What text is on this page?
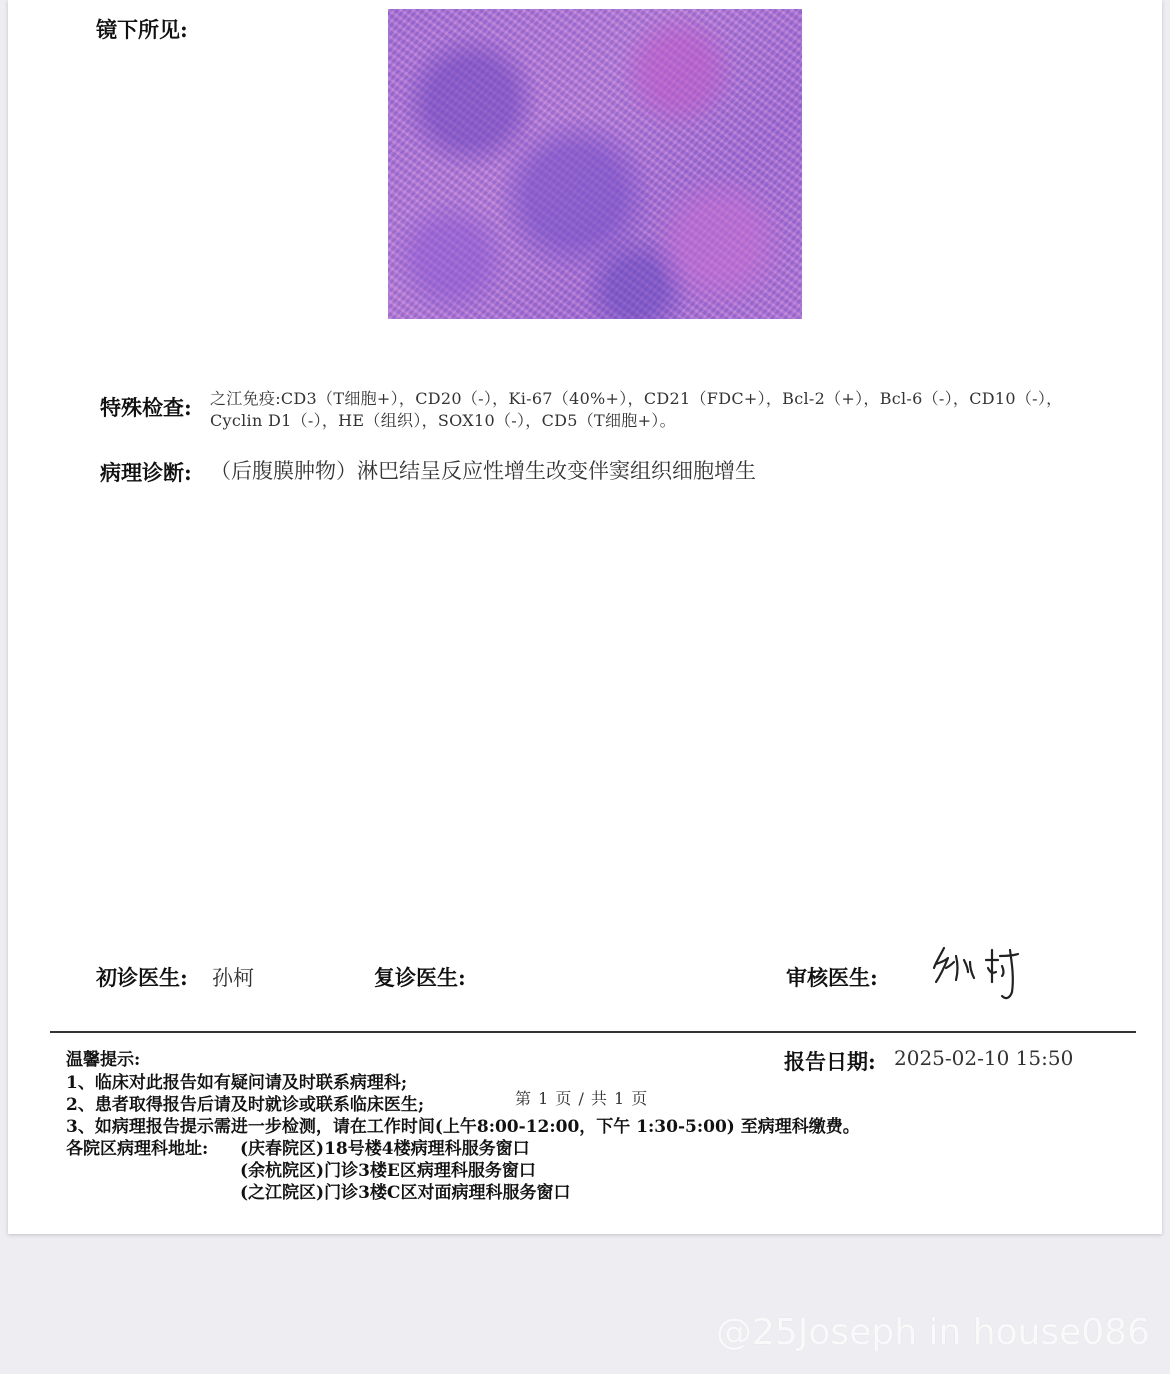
镜下所见:
特殊检查: 之江免疫:CD3（T细胞+），CD20（-），Ki-67（40%+），CD21（FDC+），Bcl-2（+），Bcl-6（-），CD10（-），Cyclin D1（-），HE（组织），SOX10（-），CD5（T细胞+）。
病理诊断: （后腹膜肿物）淋巴结呈反应性增生改变伴窦组织细胞增生
初诊医生: 孙柯	复诊医生:	审核医生:
温馨提示:
1、临床对此报告如有疑问请及时联系病理科;
2、患者取得报告后请及时就诊或联系临床医生;	第 1 页 / 共 1 页
3、如病理报告提示需进一步检测，请在工作时间(上午8:00-12:00，下午 1:30-5:00) 至病理科缴费。
各院区病理科地址: (庆春院区)18号楼4楼病理科服务窗口
(余杭院区)门诊3楼E区病理科服务窗口
(之江院区)门诊3楼C区对面病理科服务窗口
报告日期: 2025-02-10 15:50
@25Joseph in house086
